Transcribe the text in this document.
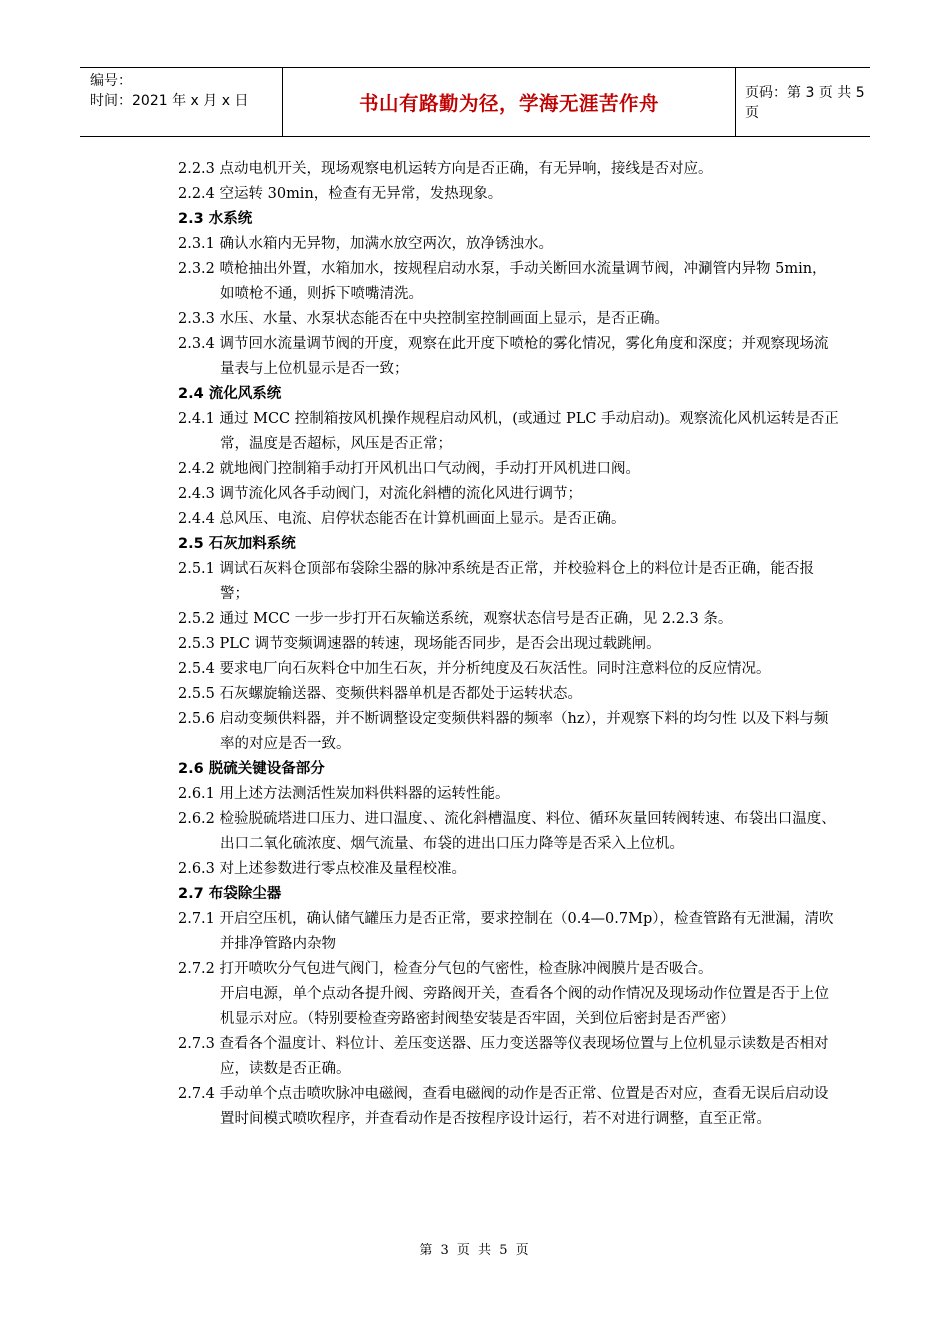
编号：
时间：2021 年 x 月 x 日	书山有路勤为径，学海无涯苦作舟	页码：第 3 页 共 5 页
2.2.3 点动电机开关，现场观察电机运转方向是否正确，有无异响，接线是否对应。
2.2.4 空运转 30min，检查有无异常，发热现象。
2.3 水系统
2.3.1 确认水箱内无异物，加满水放空两次，放净锈浊水。
2.3.2 喷枪抽出外置，水箱加水，按规程启动水泵，手动关断回水流量调节阀，冲涮管内异物 5min，如喷枪不通，则拆下喷嘴清洗。
2.3.3 水压、水量、水泵状态能否在中央控制室控制画面上显示，是否正确。
2.3.4 调节回水流量调节阀的开度，观察在此开度下喷枪的雾化情况，雾化角度和深度；并观察现场流量表与上位机显示是否一致；
2.4 流化风系统
2.4.1 通过 MCC 控制箱按风机操作规程启动风机，(或通过 PLC 手动启动)。观察流化风机运转是否正常，温度是否超标，风压是否正常；
2.4.2 就地阀门控制箱手动打开风机出口气动阀，手动打开风机进口阀。
2.4.3 调节流化风各手动阀门，对流化斜槽的流化风进行调节；
2.4.4 总风压、电流、启停状态能否在计算机画面上显示。是否正确。
2.5 石灰加料系统
2.5.1 调试石灰料仓顶部布袋除尘器的脉冲系统是否正常，并校验料仓上的料位计是否正确，能否报警；
2.5.2 通过 MCC 一步一步打开石灰输送系统，观察状态信号是否正确，见 2.2.3 条。
2.5.3 PLC 调节变频调速器的转速，现场能否同步，是否会出现过载跳闸。
2.5.4 要求电厂向石灰料仓中加生石灰，并分析纯度及石灰活性。同时注意料位的反应情况。
2.5.5 石灰螺旋输送器、变频供料器单机是否都处于运转状态。
2.5.6 启动变频供料器，并不断调整设定变频供料器的频率（hz），并观察下料的均匀性 以及下料与频率的对应是否一致。
2.6 脱硫关键设备部分
2.6.1 用上述方法测活性炭加料供料器的运转性能。
2.6.2 检验脱硫塔进口压力、进口温度、、流化斜槽温度、料位、循环灰量回转阀转速、布袋出口温度、出口二氧化硫浓度、烟气流量、布袋的进出口压力降等是否采入上位机。
2.6.3 对上述参数进行零点校准及量程校准。
2.7 布袋除尘器
2.7.1 开启空压机，确认储气罐压力是否正常，要求控制在（0.4—0.7Mp），检查管路有无泄漏，清吹并排净管路内杂物
2.7.2 打开喷吹分气包进气阀门，检查分气包的气密性，检查脉冲阀膜片是否吸合。
开启电源，单个点动各提升阀、旁路阀开关，查看各个阀的动作情况及现场动作位置是否于上位机显示对应。（特别要检查旁路密封阀垫安装是否牢固，关到位后密封是否严密）
2.7.3 查看各个温度计、料位计、差压变送器、压力变送器等仪表现场位置与上位机显示读数是否相对应，读数是否正确。
2.7.4 手动单个点击喷吹脉冲电磁阀，查看电磁阀的动作是否正常、位置是否对应，查看无误后启动设置时间模式喷吹程序，并查看动作是否按程序设计运行，若不对进行调整，直至正常。
第 3 页 共 5 页
